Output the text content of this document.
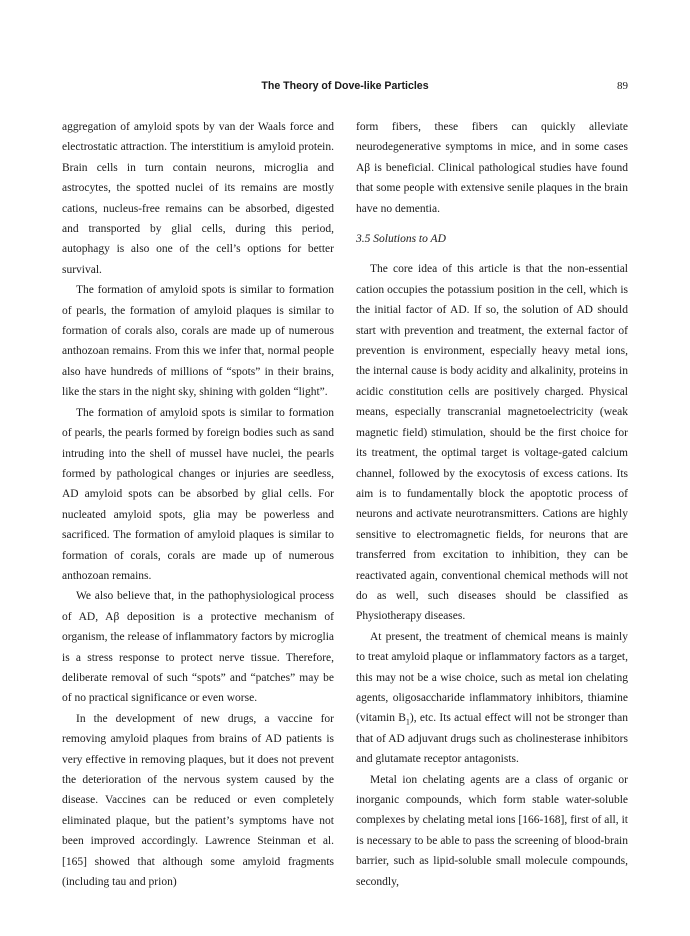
The Theory of Dove-like Particles	89

aggregation of amyloid spots by van der Waals force and electrostatic attraction. The interstitium is amyloid protein. Brain cells in turn contain neurons, microglia and astrocytes, the spotted nuclei of its remains are mostly cations, nucleus-free remains can be absorbed, digested and transported by glial cells, during this period, autophagy is also one of the cell’s options for better survival.

The formation of amyloid spots is similar to formation of pearls, the formation of amyloid plaques is similar to formation of corals also, corals are made up of numerous anthozoan remains. From this we infer that, normal people also have hundreds of millions of “spots” in their brains, like the stars in the night sky, shining with golden “light”.

The formation of amyloid spots is similar to formation of pearls, the pearls formed by foreign bodies such as sand intruding into the shell of mussel have nuclei, the pearls formed by pathological changes or injuries are seedless, AD amyloid spots can be absorbed by glial cells. For nucleated amyloid spots, glia may be powerless and sacrificed. The formation of amyloid plaques is similar to formation of corals, corals are made up of numerous anthozoan remains.

We also believe that, in the pathophysiological process of AD, Aβ deposition is a protective mechanism of organism, the release of inflammatory factors by microglia is a stress response to protect nerve tissue. Therefore, deliberate removal of such “spots” and “patches” may be of no practical significance or even worse.

In the development of new drugs, a vaccine for removing amyloid plaques from brains of AD patients is very effective in removing plaques, but it does not prevent the deterioration of the nervous system caused by the disease. Vaccines can be reduced or even completely eliminated plaque, but the patient’s symptoms have not been improved accordingly. Lawrence Steinman et al. [165] showed that although some amyloid fragments (including tau and prion)

form fibers, these fibers can quickly alleviate neurodegenerative symptoms in mice, and in some cases Aβ is beneficial. Clinical pathological studies have found that some people with extensive senile plaques in the brain have no dementia.

3.5 Solutions to AD

The core idea of this article is that the non-essential cation occupies the potassium position in the cell, which is the initial factor of AD. If so, the solution of AD should start with prevention and treatment, the external factor of prevention is environment, especially heavy metal ions, the internal cause is body acidity and alkalinity, proteins in acidic constitution cells are positively charged. Physical means, especially transcranial magnetoelectricity (weak magnetic field) stimulation, should be the first choice for its treatment, the optimal target is voltage-gated calcium channel, followed by the exocytosis of excess cations. Its aim is to fundamentally block the apoptotic process of neurons and activate neurotransmitters. Cations are highly sensitive to electromagnetic fields, for neurons that are transferred from excitation to inhibition, they can be reactivated again, conventional chemical methods will not do as well, such diseases should be classified as Physiotherapy diseases.

At present, the treatment of chemical means is mainly to treat amyloid plaque or inflammatory factors as a target, this may not be a wise choice, such as metal ion chelating agents, oligosaccharide inflammatory inhibitors, thiamine (vitamin $B_1$), etc. Its actual effect will not be stronger than that of AD adjuvant drugs such as cholinesterase inhibitors and glutamate receptor antagonists.

Metal ion chelating agents are a class of organic or inorganic compounds, which form stable water-soluble complexes by chelating metal ions [166-168], first of all, it is necessary to be able to pass the screening of blood-brain barrier, such as lipid-soluble small molecule compounds, secondly,
